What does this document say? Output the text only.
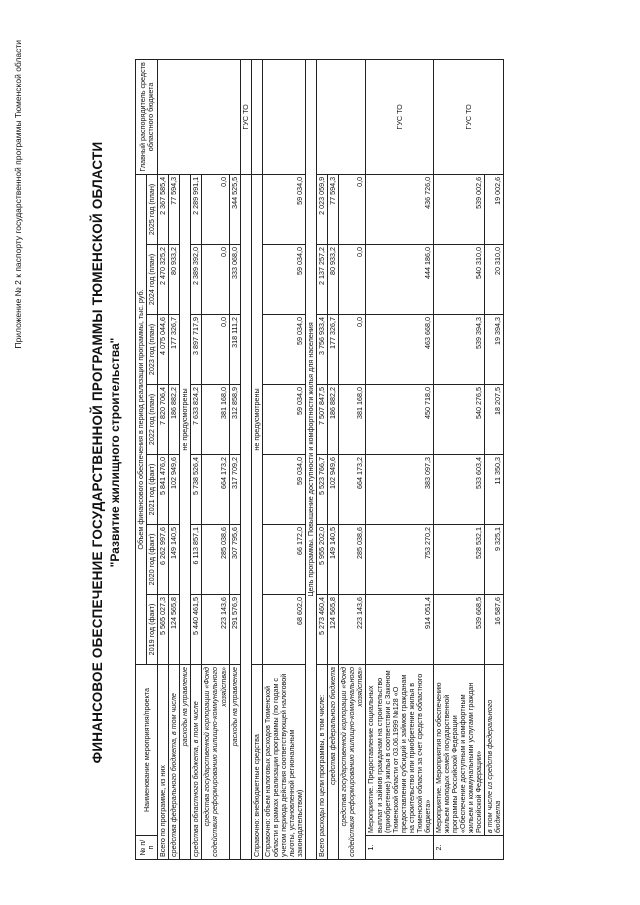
Приложение № 2 к паспорту государственной программы Тюменской области	ФИНАНСОВОЕ ОБЕСПЕЧЕНИЕ ГОСУДАРСТВЕННОЙ ПРОГРАММЫ ТЮМЕНСКОЙ ОБЛАСТИ "Развитие жилищного строительства"
№ п/п	Наименование мероприятия/проекта	Объем финансового обеспечения в период реализации программы, тыс. руб.							Главный распорядитель средств областного бюджета
		2019 год (факт)	2020 год (факт)	2021 год (факт)	2022 год (план)	2023 год (план)	2024 год (план)	2025 год (план)	
Всего по программе, из них		5 565 027,3	6 262 997,6	5 841 476,0	7 820 706,4	4 075 044,6	2 470 325,2	2 367 585,4	
средства федерального бюджета, в том числе		124 565,8	149 140,5	102 949,6	186 882,2	177 326,7	80 933,2	77 594,3	
расходы на управление		не предусмотрены							
средства областного бюджета, в том числе		5 440 461,5	6 113 857,1	5 738 526,4	7 633 824,2	3 897 717,9	2 389 392,0	2 289 991,1	
средства государственной корпорации «Фонд содействия реформированию жилищно-коммунального хозяйства»		223 143,6	285 038,6	664 173,2	381 168,0	0,0	0,0	0,0	
расходы на управление		291 576,9	307 795,6	317 709,2	312 858,9	318 111,2	333 068,0	344 525,5	
									ГУС ТО
Справочно: внебюджетные средства		не предусмотрены							
Справочно: объем налоговых расходов Тюменской области в рамках реализации программы (по годам с учетом периода действия соответствующей налоговой льготы, установленной региональным законодательством)		68 602,0	66 172,0	59 034,0	59 034,0	59 034,0	59 034,0	59 034,0	
Цель программы. Повышение доступности и комфортности жилья для населения									
Всего расходы по цели программы, в том числе:		5 273 460,4	5 955 202,0	5 523 766,7	7 507 847,5	3 756 933,4	2 137 257,2	2 023 059,9	
средства федерального бюджета		124 565,8	149 140,5	102 949,6	186 882,2	177 326,7	80 933,2	77 594,3	
средства государственной корпорации «Фонд содействия реформированию жилищно-коммунального хозяйства»		223 143,6	285 038,6	664 173,2	381 168,0	0,0	0,0	0,0	
1.	Мероприятие. Предоставление социальных выплат и займов гражданам на строительство (приобретение) жилья в соответствии с Законом Тюменской области от 03.06.1999 №128 «О предоставлении субсидий и займов гражданам на строительство или приобретение жилья в Тюменской области за счет средств областного бюджета»	914 051,4	753 270,2	383 097,3	450 718,0	463 668,0	444 186,0	436 726,0	ГУС ТО
2.	Мероприятие. Мероприятия по обеспечению жильем молодых семей государственной программы Российской Федерации «Обеспечение доступным и комфортным жильем и коммунальными услугами граждан Российской Федерации»	539 668,5	528 532,1	533 603,4	540 276,5	539 394,3	540 310,0	539 002,6	ГУС ТО
	в том числе из средств федерального бюджета	16 587,6	9 325,1	11 350,3	18 207,5	19 394,3	20 310,0	19 002,6	
